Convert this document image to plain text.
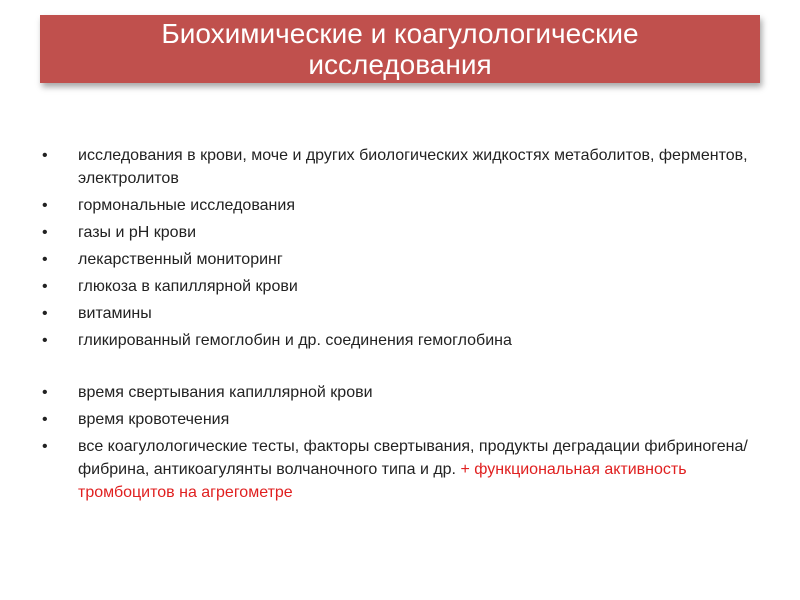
Биохимические и коагулологические
исследования
• исследования в крови, моче и других биологических жидкостях метаболитов, ферментов, электролитов
• гормональные исследования
• газы и рН крови
• лекарственный мониторинг
• глюкоза в капиллярной крови
• витамины
• гликированный гемоглобин и др. соединения гемоглобина
• время свертывания капиллярной крови
• время кровотечения
• все коагулологические тесты, факторы свертывания, продукты деградации фибриногена/фибрина, антикоагулянты волчаночного типа и др. + функциональная активность тромбоцитов на агрегометре
